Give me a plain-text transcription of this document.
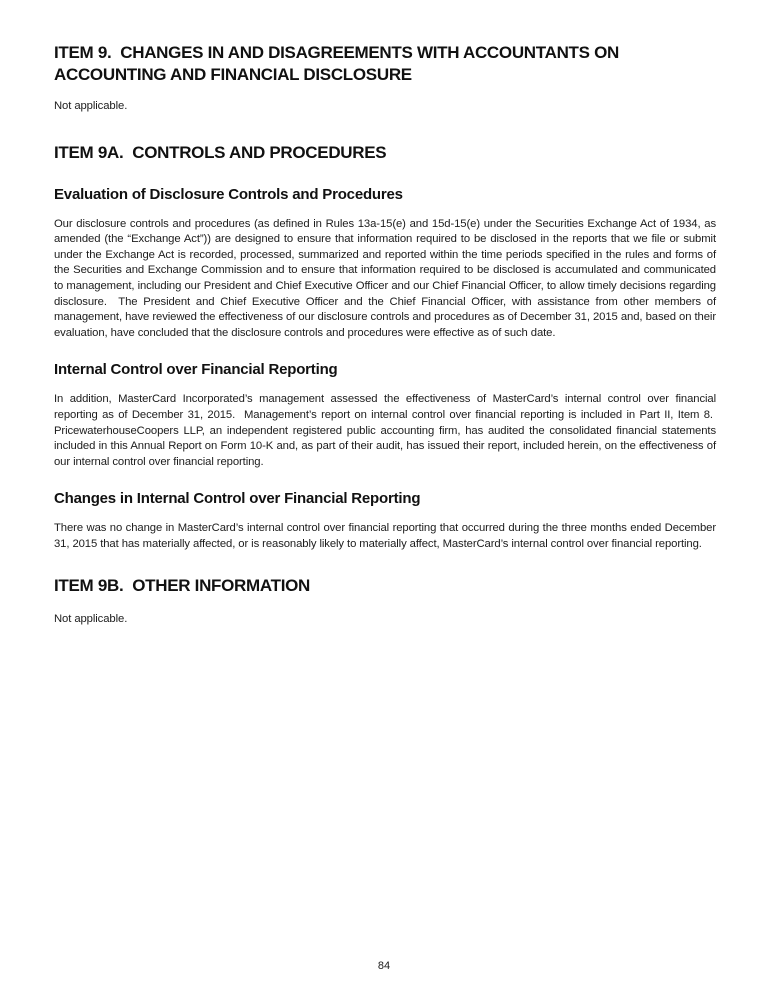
ITEM 9.  CHANGES IN AND DISAGREEMENTS WITH ACCOUNTANTS ON ACCOUNTING AND FINANCIAL DISCLOSURE

Not applicable.

ITEM 9A.  CONTROLS AND PROCEDURES
Evaluation of Disclosure Controls and Procedures

Our disclosure controls and procedures (as defined in Rules 13a-15(e) and 15d-15(e) under the Securities Exchange Act of 1934, as amended (the “Exchange Act”)) are designed to ensure that information required to be disclosed in the reports that we file or submit under the Exchange Act is recorded, processed, summarized and reported within the time periods specified in the rules and forms of the Securities and Exchange Commission and to ensure that information required to be disclosed is accumulated and communicated to management, including our President and Chief Executive Officer and our Chief Financial Officer, to allow timely decisions regarding disclosure.  The President and Chief Executive Officer and the Chief Financial Officer, with assistance from other members of management, have reviewed the effectiveness of our disclosure controls and procedures as of December 31, 2015 and, based on their evaluation, have concluded that the disclosure controls and procedures were effective as of such date.

Internal Control over Financial Reporting

In addition, MasterCard Incorporated’s management assessed the effectiveness of MasterCard’s internal control over financial reporting as of December 31, 2015.  Management’s report on internal control over financial reporting is included in Part II, Item 8.  PricewaterhouseCoopers LLP, an independent registered public accounting firm, has audited the consolidated financial statements included in this Annual Report on Form 10-K and, as part of their audit, has issued their report, included herein, on the effectiveness of our internal control over financial reporting.

Changes in Internal Control over Financial Reporting

There was no change in MasterCard’s internal control over financial reporting that occurred during the three months ended December 31, 2015 that has materially affected, or is reasonably likely to materially affect, MasterCard’s internal control over financial reporting.

ITEM 9B.  OTHER INFORMATION

Not applicable.

84
